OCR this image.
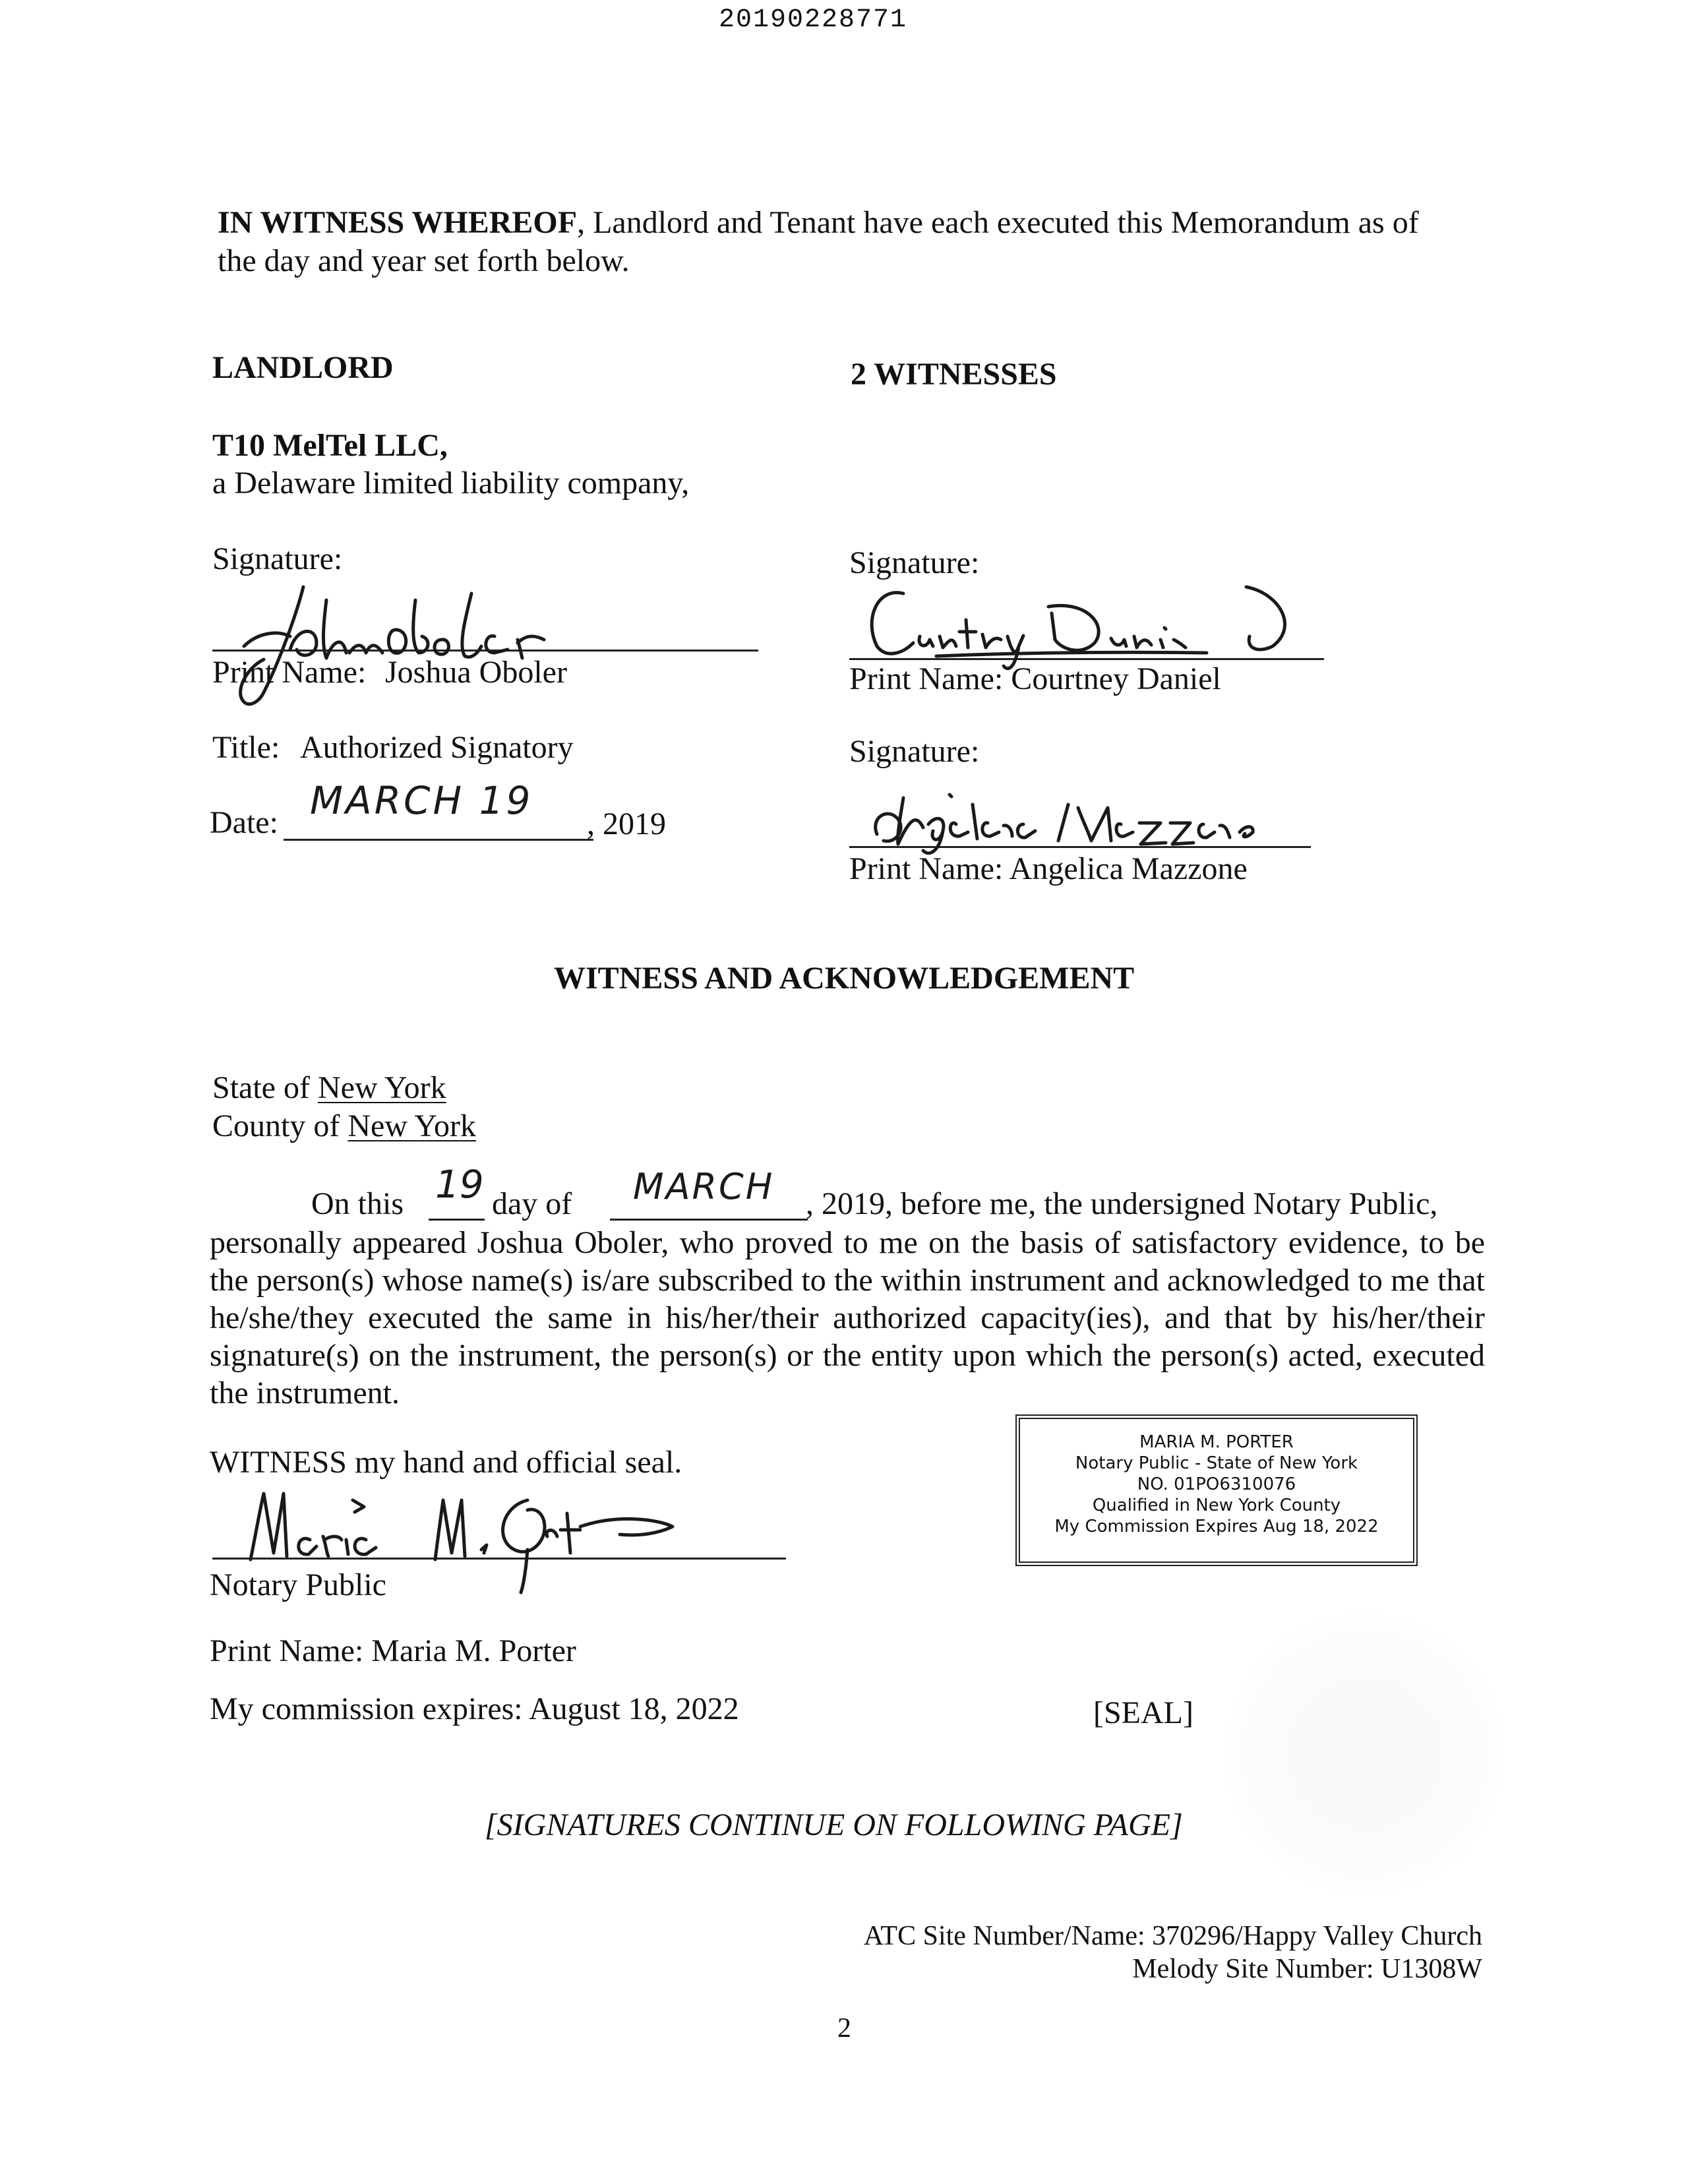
20190228771
IN WITNESS WHEREOF, Landlord and Tenant have each executed this Memorandum as of
the day and year set forth below.
LANDLORD
T10 MelTel LLC,
a Delaware limited liability company,
Signature:
Print Name: Joshua Oboler
Title: Authorized Signatory
Date: MARCH 19
, 2019
2 WITNESSES
Signature:
Print Name: Courtney Daniel
Signature:
Print Name: Angelica Mazzone
WITNESS AND ACKNOWLEDGEMENT
State of New York
County of New York
On this 19 day of MARCH , 2019, before me, the undersigned Notary Public,
personally appeared Joshua Oboler, who proved to me on the basis of satisfactory evidence, to be the person(s) whose name(s) is/are subscribed to the within instrument and acknowledged to me that he/she/they executed the same in his/her/their authorized capacity(ies), and that by his/her/their signature(s) on the instrument, the person(s) or the entity upon which the person(s) acted, executed the instrument.
WITNESS my hand and official seal.
Notary Public
Print Name: Maria M. Porter
My commission expires: August 18, 2022	[SEAL]
MARIA M. PORTER
Notary Public - State of New York
NO. 01PO6310076
Qualified in New York County
My Commission Expires Aug 18, 2022
[SIGNATURES CONTINUE ON FOLLOWING PAGE]
ATC Site Number/Name: 370296/Happy Valley Church
Melody Site Number: U1308W
2
